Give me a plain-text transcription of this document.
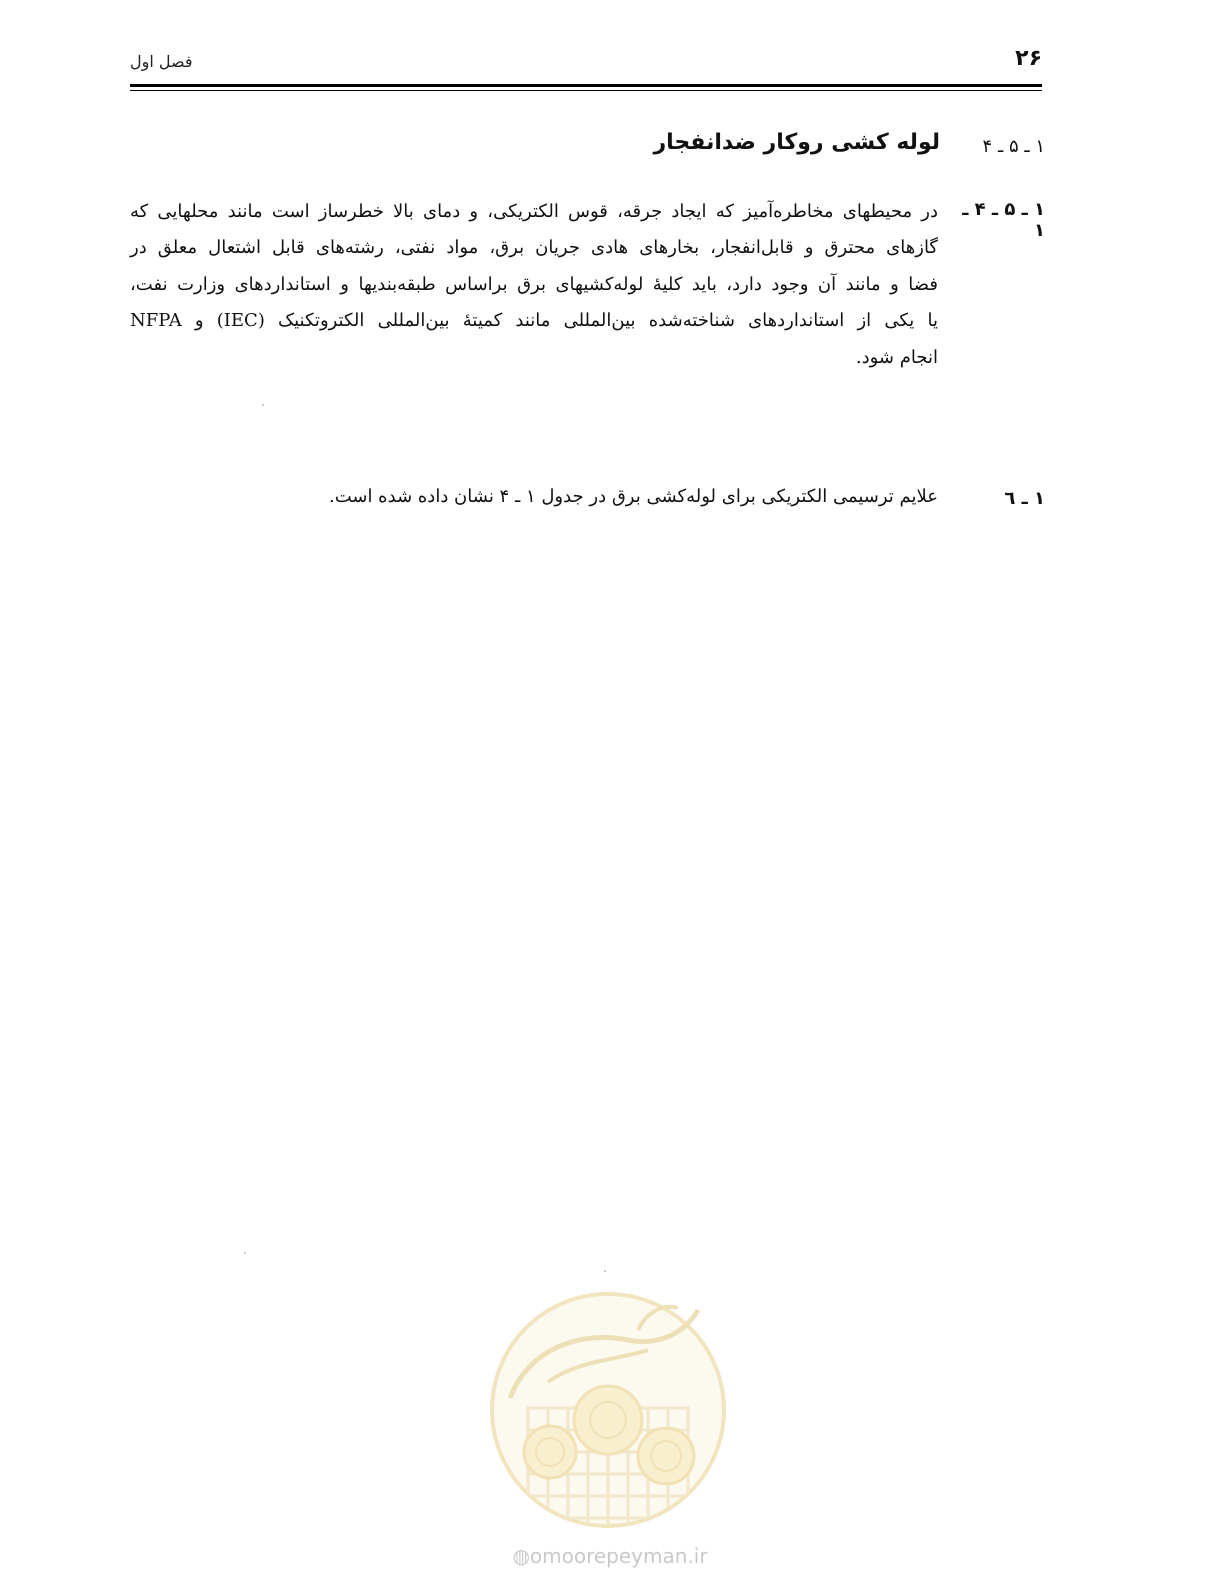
۲۶
فصل اول
۱ ـ ۵ ـ ۴
لوله کشی روکار ضدانفجار
۱ ـ ۵ ـ ۴ ـ ۱
در محیطهای مخاطره‌آمیز که ایجاد جرقه، قوس الکتریکی، و دمای بالا خطرساز است مانند محلهایی که
گازهای محترق و قابل‌انفجار، بخارهای هادی جریان برق، مواد نفتی، رشته‌های قابل اشتعال معلق در
فضا و مانند آن وجود دارد، باید کلیهٔ لوله‌کشیهای برق براساس طبقه‌بندیها و استانداردهای وزارت نفت،
یا یکی از استانداردهای شناخته‌شده بین‌المللی مانند کمیتهٔ بین‌المللی الکتروتکنیک (IEC) و NFPA
انجام شود.
۱ ـ ٦
علایم ترسیمی الکتریکی برای لوله‌کشی برق در جدول ۱ ـ ۴ نشان داده شده است.
◍omoorepeyman.ir
